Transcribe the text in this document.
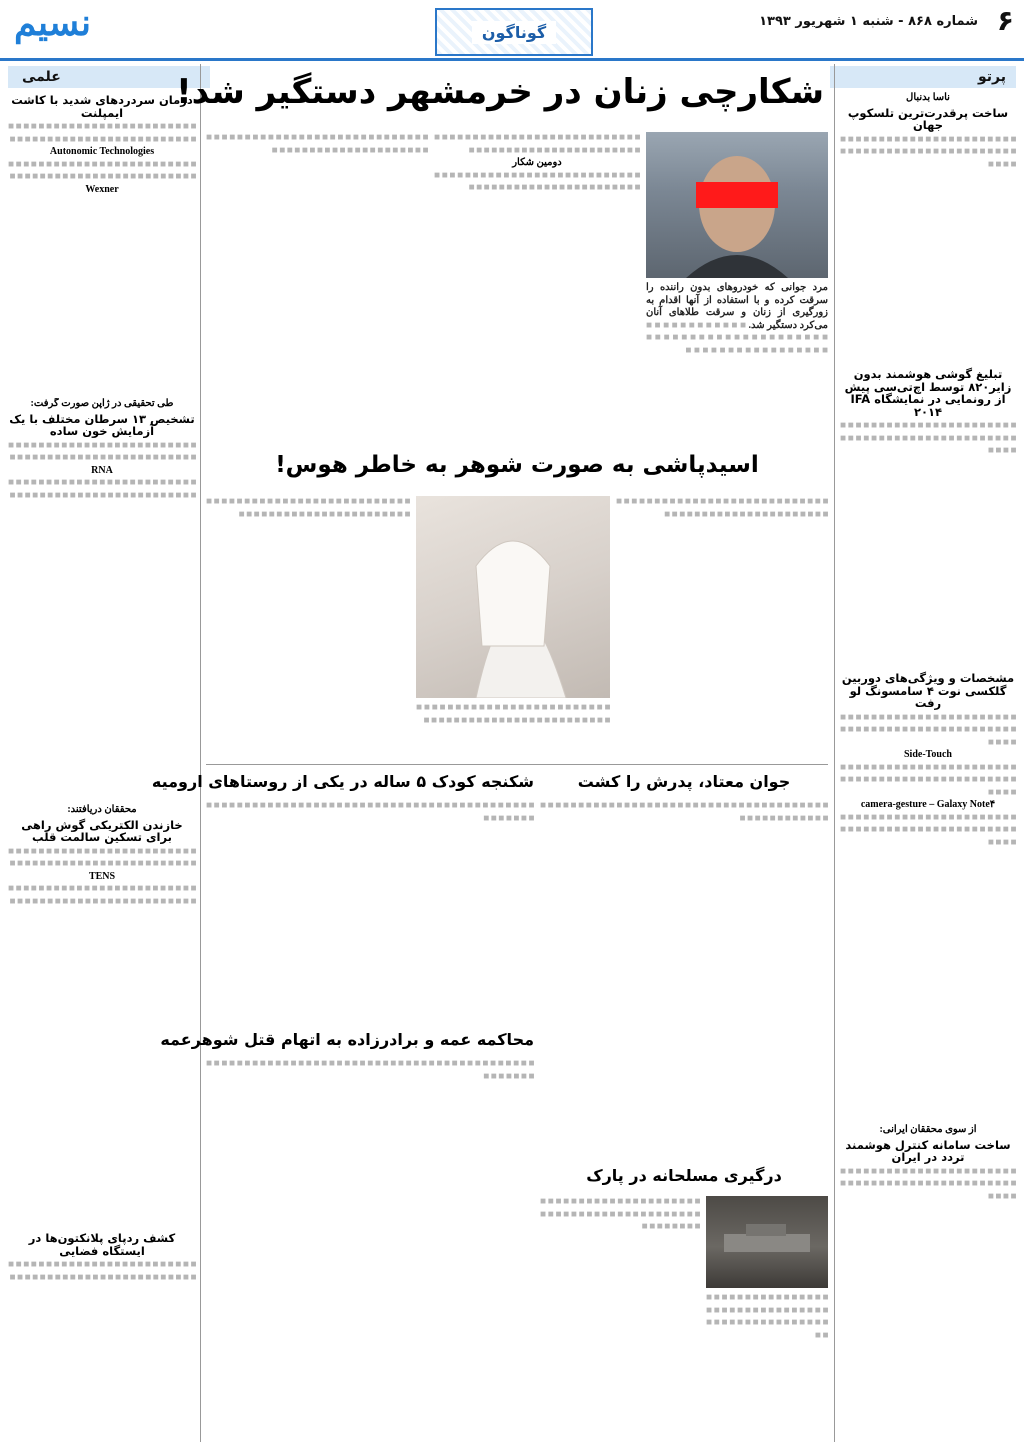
۶
شماره ۸۶۸ - شنبه ۱ شهریور ۱۳۹۳
گوناگون
نسیم
پرتو
علمی	شکارچی زنان در خرمشهر دستگیر شد!
مرد جوانی که خودروهای بدون راننده را سرقت کرده و با استفاده از آنها اقدام به زورگیری از زنان و سرقت طلاهای آنان می‌کرد دستگیر شد. ■ ■ ■ ■ ■ ■ ■ ■ ■ ■ ■ ■ ■ ■ ■ ■ ■ ■ ■ ■ ■ ■ ■ ■ ■ ■ ■ ■ ■ ■ ■ ■ ■ ■ ■ ■ ■ ■ ■ ■ ■ ■ ■ ■ ■ ■ ■ ■ ■ ■
■ ■ ■ ■ ■ ■ ■ ■ ■ ■ ■ ■ ■ ■ ■ ■ ■ ■ ■ ■ ■ ■ ■ ■ ■ ■ ■ ■ ■ ■ ■ ■ ■ ■ ■ ■ ■ ■ ■ ■ ■ ■ ■ ■ ■ ■ ■ ■ ■ ■
دومین شکار
■ ■ ■ ■ ■ ■ ■ ■ ■ ■ ■ ■ ■ ■ ■ ■ ■ ■ ■ ■ ■ ■ ■ ■ ■ ■ ■ ■ ■ ■ ■ ■ ■ ■ ■ ■ ■ ■ ■ ■ ■ ■ ■ ■ ■ ■ ■ ■ ■ ■
■ ■ ■ ■ ■ ■ ■ ■ ■ ■ ■ ■ ■ ■ ■ ■ ■ ■ ■ ■ ■ ■ ■ ■ ■ ■ ■ ■ ■ ■ ■ ■ ■ ■ ■ ■ ■ ■ ■ ■ ■ ■ ■ ■ ■ ■ ■ ■ ■ ■
اسیدپاشی به صورت شوهر به خاطر هوس!
■ ■ ■ ■ ■ ■ ■ ■ ■ ■ ■ ■ ■ ■ ■ ■ ■ ■ ■ ■ ■ ■ ■ ■ ■ ■ ■ ■ ■ ■ ■ ■ ■ ■ ■ ■ ■ ■ ■ ■ ■ ■ ■ ■ ■ ■ ■ ■ ■ ■
■ ■ ■ ■ ■ ■ ■ ■ ■ ■ ■ ■ ■ ■ ■ ■ ■ ■ ■ ■ ■ ■ ■ ■ ■ ■ ■ ■ ■ ■ ■ ■ ■ ■ ■ ■ ■ ■ ■ ■ ■ ■ ■ ■ ■ ■ ■ ■ ■ ■
■ ■ ■ ■ ■ ■ ■ ■ ■ ■ ■ ■ ■ ■ ■ ■ ■ ■ ■ ■ ■ ■ ■ ■ ■ ■ ■ ■ ■ ■ ■ ■ ■ ■ ■ ■ ■ ■ ■ ■ ■ ■ ■ ■ ■ ■ ■ ■ ■ ■
جوان معتاد، پدرش را کشت
■ ■ ■ ■ ■ ■ ■ ■ ■ ■ ■ ■ ■ ■ ■ ■ ■ ■ ■ ■ ■ ■ ■ ■ ■ ■ ■ ■ ■ ■ ■ ■ ■ ■ ■ ■ ■ ■ ■ ■ ■ ■ ■ ■ ■ ■ ■ ■ ■ ■
شکنجه کودک ۵ ساله در یکی از روستاهای ارومیه
■ ■ ■ ■ ■ ■ ■ ■ ■ ■ ■ ■ ■ ■ ■ ■ ■ ■ ■ ■ ■ ■ ■ ■ ■ ■ ■ ■ ■ ■ ■ ■ ■ ■ ■ ■ ■ ■ ■ ■ ■ ■ ■ ■ ■ ■ ■ ■ ■ ■
محاکمه عمه و برادرزاده به اتهام قتل شوهرعمه
■ ■ ■ ■ ■ ■ ■ ■ ■ ■ ■ ■ ■ ■ ■ ■ ■ ■ ■ ■ ■ ■ ■ ■ ■ ■ ■ ■ ■ ■ ■ ■ ■ ■ ■ ■ ■ ■ ■ ■ ■ ■ ■ ■ ■ ■ ■ ■ ■ ■
درگیری مسلحانه در پارک
■ ■ ■ ■ ■ ■ ■ ■ ■ ■ ■ ■ ■ ■ ■ ■ ■ ■ ■ ■ ■ ■ ■ ■ ■ ■ ■ ■ ■ ■ ■ ■ ■ ■ ■ ■ ■ ■ ■ ■ ■ ■ ■ ■ ■ ■ ■ ■ ■ ■
■ ■ ■ ■ ■ ■ ■ ■ ■ ■ ■ ■ ■ ■ ■ ■ ■ ■ ■ ■ ■ ■ ■ ■ ■ ■ ■ ■ ■ ■ ■ ■ ■ ■ ■ ■ ■ ■ ■ ■ ■ ■ ■ ■ ■ ■ ■ ■ ■ ■
ناسا بدنبال
ساخت پرقدرت‌ترین تلسکوپ جهان
■ ■ ■ ■ ■ ■ ■ ■ ■ ■ ■ ■ ■ ■ ■ ■ ■ ■ ■ ■ ■ ■ ■ ■ ■ ■ ■ ■ ■ ■ ■ ■ ■ ■ ■ ■ ■ ■ ■ ■ ■ ■ ■ ■ ■ ■ ■ ■ ■ ■
تبلیغ گوشی هوشمند بدون زایر۸۲۰ توسط اچ‌تی‌سی پیش از رونمایی در نمایشگاه IFA ۲۰۱۴
■ ■ ■ ■ ■ ■ ■ ■ ■ ■ ■ ■ ■ ■ ■ ■ ■ ■ ■ ■ ■ ■ ■ ■ ■ ■ ■ ■ ■ ■ ■ ■ ■ ■ ■ ■ ■ ■ ■ ■ ■ ■ ■ ■ ■ ■ ■ ■ ■ ■
مشخصات و ویژگی‌های دوربین گلکسی نوت ۴ سامسونگ لو رفت
■ ■ ■ ■ ■ ■ ■ ■ ■ ■ ■ ■ ■ ■ ■ ■ ■ ■ ■ ■ ■ ■ ■ ■ ■ ■ ■ ■ ■ ■ ■ ■ ■ ■ ■ ■ ■ ■ ■ ■ ■ ■ ■ ■ ■ ■ ■ ■ ■ ■
Side-Touch
■ ■ ■ ■ ■ ■ ■ ■ ■ ■ ■ ■ ■ ■ ■ ■ ■ ■ ■ ■ ■ ■ ■ ■ ■ ■ ■ ■ ■ ■ ■ ■ ■ ■ ■ ■ ■ ■ ■ ■ ■ ■ ■ ■ ■ ■ ■ ■ ■ ■
camera-gesture – Galaxy Note۴
■ ■ ■ ■ ■ ■ ■ ■ ■ ■ ■ ■ ■ ■ ■ ■ ■ ■ ■ ■ ■ ■ ■ ■ ■ ■ ■ ■ ■ ■ ■ ■ ■ ■ ■ ■ ■ ■ ■ ■ ■ ■ ■ ■ ■ ■ ■ ■ ■ ■
از سوی محققان ایرانی:
ساخت سامانه کنترل هوشمند تردد در ایران
■ ■ ■ ■ ■ ■ ■ ■ ■ ■ ■ ■ ■ ■ ■ ■ ■ ■ ■ ■ ■ ■ ■ ■ ■ ■ ■ ■ ■ ■ ■ ■ ■ ■ ■ ■ ■ ■ ■ ■ ■ ■ ■ ■ ■ ■ ■ ■ ■ ■
درمان سردردهای شدید با کاشت ایمپلنت
■ ■ ■ ■ ■ ■ ■ ■ ■ ■ ■ ■ ■ ■ ■ ■ ■ ■ ■ ■ ■ ■ ■ ■ ■ ■ ■ ■ ■ ■ ■ ■ ■ ■ ■ ■ ■ ■ ■ ■ ■ ■ ■ ■ ■ ■ ■ ■ ■ ■
Autonomic Technologies
■ ■ ■ ■ ■ ■ ■ ■ ■ ■ ■ ■ ■ ■ ■ ■ ■ ■ ■ ■ ■ ■ ■ ■ ■ ■ ■ ■ ■ ■ ■ ■ ■ ■ ■ ■ ■ ■ ■ ■ ■ ■ ■ ■ ■ ■ ■ ■ ■ ■
Wexner
طی تحقیقی در ژاپن صورت گرفت:
تشخیص ۱۳ سرطان مختلف با یک آزمایش خون ساده
■ ■ ■ ■ ■ ■ ■ ■ ■ ■ ■ ■ ■ ■ ■ ■ ■ ■ ■ ■ ■ ■ ■ ■ ■ ■ ■ ■ ■ ■ ■ ■ ■ ■ ■ ■ ■ ■ ■ ■ ■ ■ ■ ■ ■ ■ ■ ■ ■ ■
RNA
■ ■ ■ ■ ■ ■ ■ ■ ■ ■ ■ ■ ■ ■ ■ ■ ■ ■ ■ ■ ■ ■ ■ ■ ■ ■ ■ ■ ■ ■ ■ ■ ■ ■ ■ ■ ■ ■ ■ ■ ■ ■ ■ ■ ■ ■ ■ ■ ■ ■
محققان دریافتند:
خازندن الکتریکی گوش راهی برای تسکین سالمت قلب
■ ■ ■ ■ ■ ■ ■ ■ ■ ■ ■ ■ ■ ■ ■ ■ ■ ■ ■ ■ ■ ■ ■ ■ ■ ■ ■ ■ ■ ■ ■ ■ ■ ■ ■ ■ ■ ■ ■ ■ ■ ■ ■ ■ ■ ■ ■ ■ ■ ■
TENS
■ ■ ■ ■ ■ ■ ■ ■ ■ ■ ■ ■ ■ ■ ■ ■ ■ ■ ■ ■ ■ ■ ■ ■ ■ ■ ■ ■ ■ ■ ■ ■ ■ ■ ■ ■ ■ ■ ■ ■ ■ ■ ■ ■ ■ ■ ■ ■ ■ ■
کشف ردپای پلانکتون‌ها در ایستگاه فضایی
■ ■ ■ ■ ■ ■ ■ ■ ■ ■ ■ ■ ■ ■ ■ ■ ■ ■ ■ ■ ■ ■ ■ ■ ■ ■ ■ ■ ■ ■ ■ ■ ■ ■ ■ ■ ■ ■ ■ ■ ■ ■ ■ ■ ■ ■ ■ ■ ■ ■
